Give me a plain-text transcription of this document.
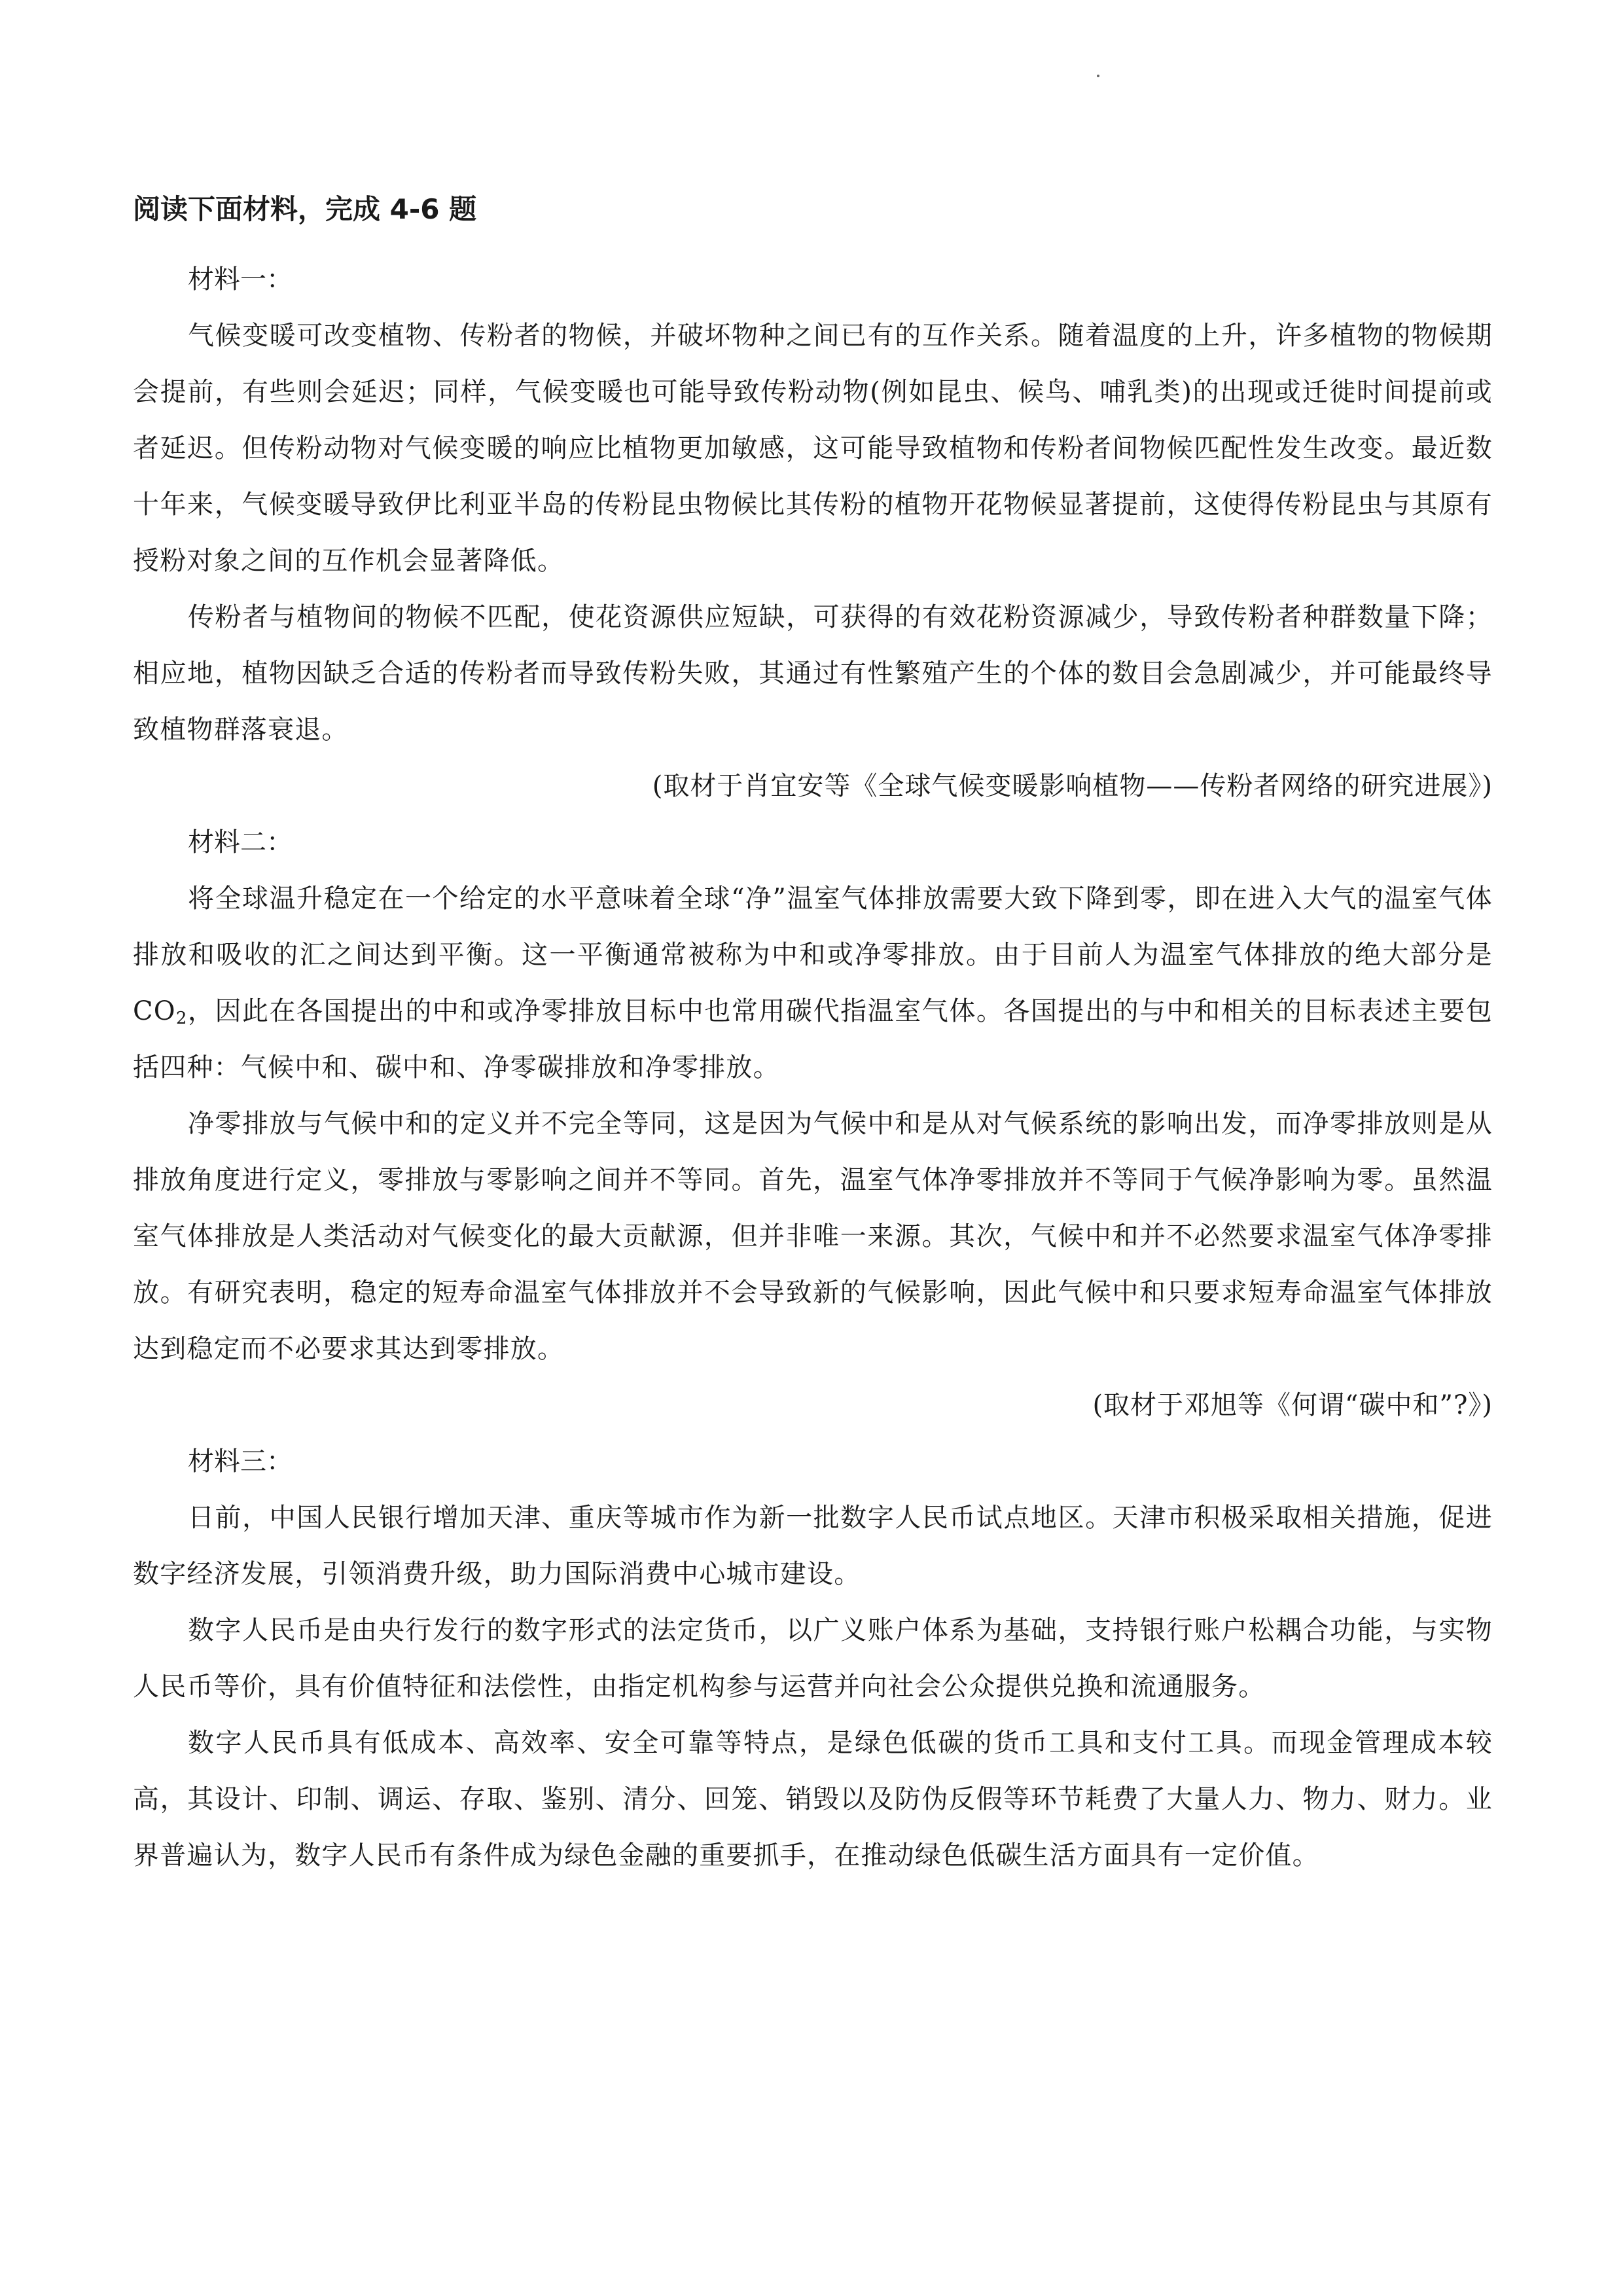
阅读下面材料，完成 4-6 题

材料一：

气候变暖可改变植物、传粉者的物候，并破坏物种之间已有的互作关系。随着温度的上升，许多植物的物候期会提前，有些则会延迟；同样，气候变暖也可能导致传粉动物(例如昆虫、候鸟、哺乳类)的出现或迁徙时间提前或者延迟。但传粉动物对气候变暖的响应比植物更加敏感，这可能导致植物和传粉者间物候匹配性发生改变。最近数十年来，气候变暖导致伊比利亚半岛的传粉昆虫物候比其传粉的植物开花物候显著提前，这使得传粉昆虫与其原有授粉对象之间的互作机会显著降低。

传粉者与植物间的物候不匹配，使花资源供应短缺，可获得的有效花粉资源减少，导致传粉者种群数量下降；相应地，植物因缺乏合适的传粉者而导致传粉失败，其通过有性繁殖产生的个体的数目会急剧减少，并可能最终导致植物群落衰退。

(取材于肖宜安等《全球气候变暖影响植物——传粉者网络的研究进展》)

材料二：

将全球温升稳定在一个给定的水平意味着全球“净”温室气体排放需要大致下降到零，即在进入大气的温室气体排放和吸收的汇之间达到平衡。这一平衡通常被称为中和或净零排放。由于目前人为温室气体排放的绝大部分是$CO_2$，因此在各国提出的中和或净零排放目标中也常用碳代指温室气体。各国提出的与中和相关的目标表述主要包括四种：气候中和、碳中和、净零碳排放和净零排放。

净零排放与气候中和的定义并不完全等同，这是因为气候中和是从对气候系统的影响出发，而净零排放则是从排放角度进行定义，零排放与零影响之间并不等同。首先，温室气体净零排放并不等同于气候净影响为零。虽然温室气体排放是人类活动对气候变化的最大贡献源，但并非唯一来源。其次，气候中和并不必然要求温室气体净零排放。有研究表明，稳定的短寿命温室气体排放并不会导致新的气候影响，因此气候中和只要求短寿命温室气体排放达到稳定而不必要求其达到零排放。

(取材于邓旭等《何谓“碳中和”?》)

材料三：

日前，中国人民银行增加天津、重庆等城市作为新一批数字人民币试点地区。天津市积极采取相关措施，促进数字经济发展，引领消费升级，助力国际消费中心城市建设。

数字人民币是由央行发行的数字形式的法定货币，以广义账户体系为基础，支持银行账户松耦合功能，与实物人民币等价，具有价值特征和法偿性，由指定机构参与运营并向社会公众提供兑换和流通服务。

数字人民币具有低成本、高效率、安全可靠等特点，是绿色低碳的货币工具和支付工具。而现金管理成本较高，其设计、印制、调运、存取、鉴别、清分、回笼、销毁以及防伪反假等环节耗费了大量人力、物力、财力。业界普遍认为，数字人民币有条件成为绿色金融的重要抓手，在推动绿色低碳生活方面具有一定价值。
